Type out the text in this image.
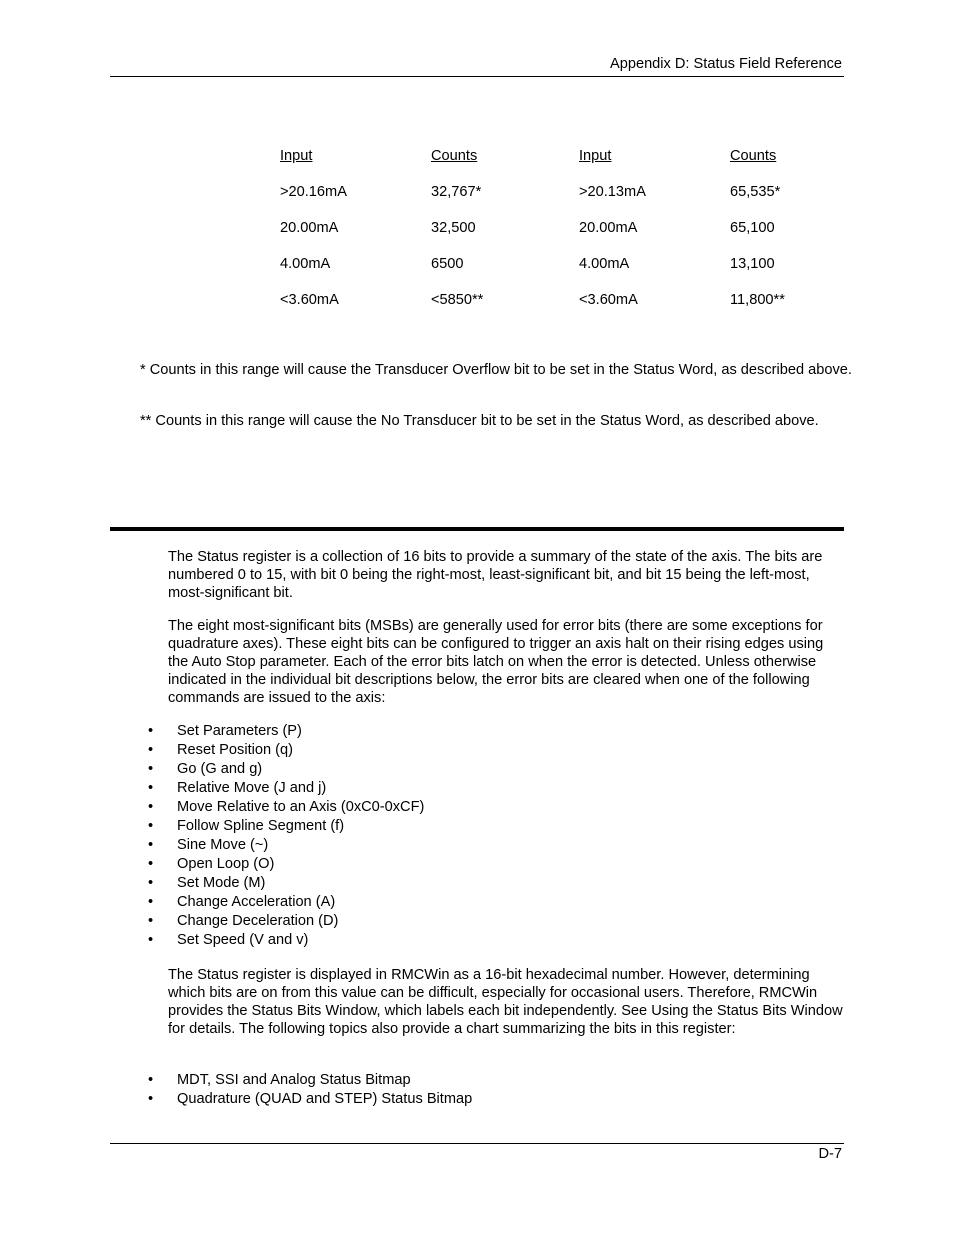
Appendix D: Status Field Reference
Input	Counts	Input	Counts
>20.16mA	32,767*	>20.13mA	65,535*
20.00mA	32,500	20.00mA	65,100
4.00mA	6500	4.00mA	13,100
<3.60mA	<5850**	<3.60mA	11,800**
* Counts in this range will cause the Transducer Overflow bit to be set in the Status Word, as described above.
** Counts in this range will cause the No Transducer bit to be set in the Status Word, as described above.
The Status register is a collection of 16 bits to provide a summary of the state of the axis. The bits are numbered 0 to 15, with bit 0 being the right-most, least-significant bit, and bit 15 being the left-most, most-significant bit.
The eight most-significant bits (MSBs) are generally used for error bits (there are some exceptions for quadrature axes). These eight bits can be configured to trigger an axis halt on their rising edges using the Auto Stop parameter. Each of the error bits latch on when the error is detected. Unless otherwise indicated in the individual bit descriptions below, the error bits are cleared when one of the following commands are issued to the axis:
• Set Parameters (P)
• Reset Position (q)
• Go (G and g)
• Relative Move (J and j)
• Move Relative to an Axis (0xC0-0xCF)
• Follow Spline Segment (f)
• Sine Move (~)
• Open Loop (O)
• Set Mode (M)
• Change Acceleration (A)
• Change Deceleration (D)
• Set Speed (V and v)
The Status register is displayed in RMCWin as a 16-bit hexadecimal number. However, determining which bits are on from this value can be difficult, especially for occasional users. Therefore, RMCWin provides the Status Bits Window, which labels each bit independently. See Using the Status Bits Window for details. The following topics also provide a chart summarizing the bits in this register:
• MDT, SSI and Analog Status Bitmap
• Quadrature (QUAD and STEP) Status Bitmap
D-7
